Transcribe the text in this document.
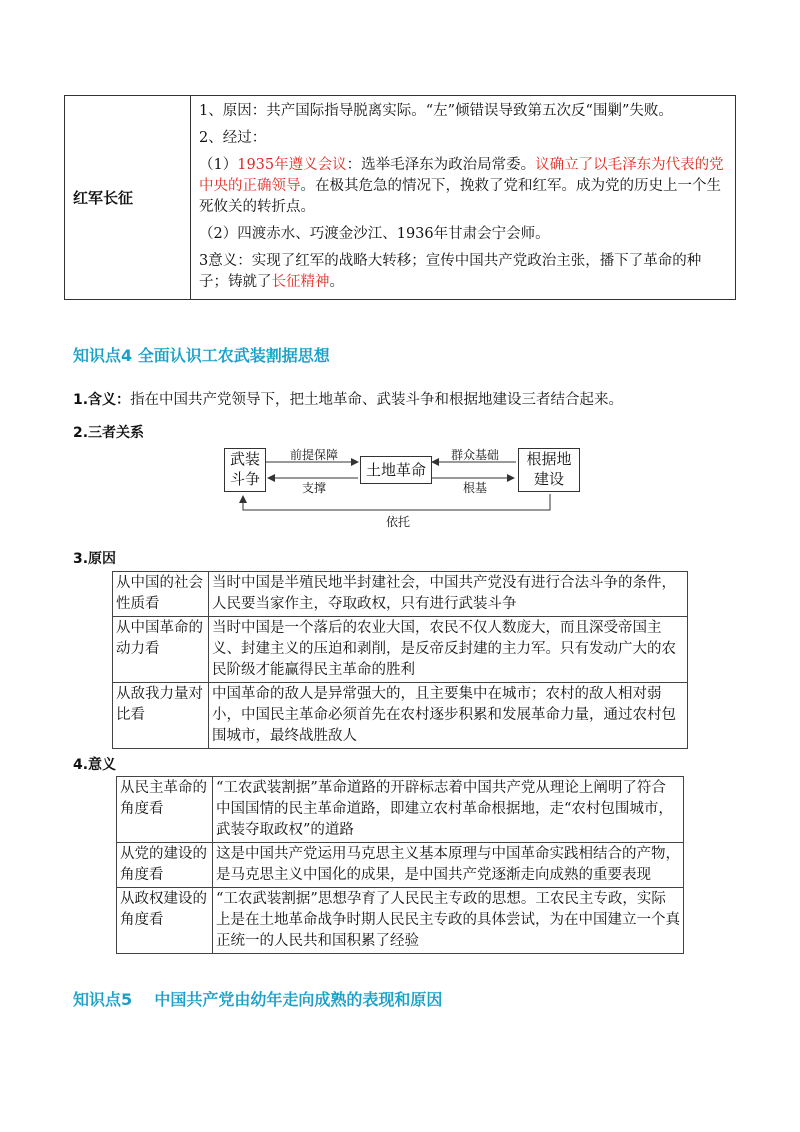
红军长征	

1、原因：共产国际指导脱离实际。“左”倾错误导致第五次反“围剿”失败。

2、经过：

（1）1935年遵义会议：选举毛泽东为政治局常委。议确立了以毛泽东为代表的党中央的正确领导。在极其危急的情况下，挽救了党和红军。成为党的历史上一个生死攸关的转折点。

（2）四渡赤水、巧渡金沙江、1936年甘肃会宁会师。

3意义：实现了红军的战略大转移；宣传中国共产党政治主张，播下了革命的种子；铸就了长征精神。

知识点4 全面认识工农武装割据思想
1.含义：指在中国共产党领导下，把土地革命、武装斗争和根据地建设三者结合起来。
2.三者关系
武装
斗争	土地革命
根据地
建设
前提保障
支撑
群众基础
根基
依托
3.原因
从中国的社会性质看	当时中国是半殖民地半封建社会，中国共产党没有进行合法斗争的条件，人民要当家作主，夺取政权，只有进行武装斗争
从中国革命的动力看	当时中国是一个落后的农业大国，农民不仅人数庞大，而且深受帝国主义、封建主义的压迫和剥削，是反帝反封建的主力军。只有发动广大的农民阶级才能赢得民主革命的胜利
从敌我力量对比看	中国革命的敌人是异常强大的，且主要集中在城市；农村的敌人相对弱小，中国民主革命必须首先在农村逐步积累和发展革命力量，通过农村包围城市，最终战胜敌人
4.意义
从民主革命的角度看	“工农武装割据”革命道路的开辟标志着中国共产党从理论上阐明了符合中国国情的民主革命道路，即建立农村革命根据地，走“农村包围城市，武装夺取政权”的道路
从党的建设的角度看	这是中国共产党运用马克思主义基本原理与中国革命实践相结合的产物，是马克思主义中国化的成果，是中国共产党逐渐走向成熟的重要表现
从政权建设的角度看	“工农武装割据”思想孕育了人民民主专政的思想。工农民主专政，实际上是在土地革命战争时期人民民主专政的具体尝试，为在中国建立一个真正统一的人民共和国积累了经验
知识点5    中国共产党由幼年走向成熟的表现和原因
